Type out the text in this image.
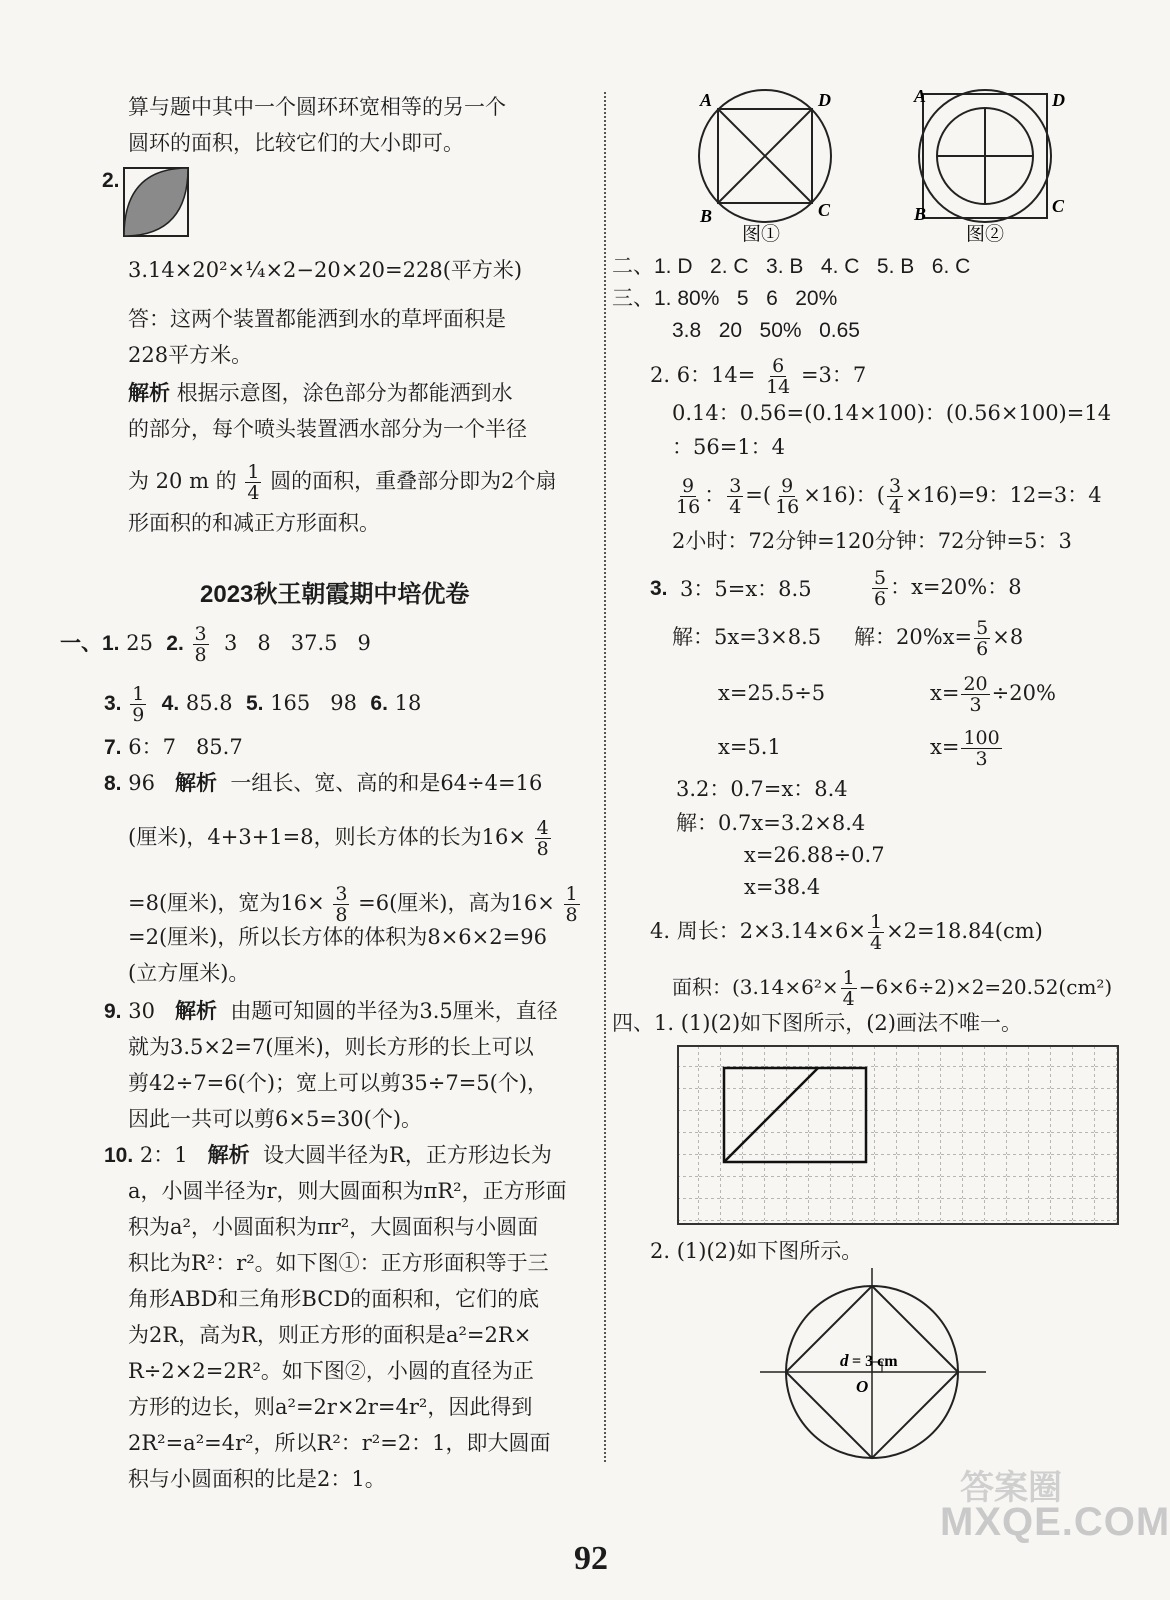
算与题中其中一个圆环环宽相等的另一个
圆环的面积，比较它们的大小即可。
2.
3.14×20²×¼×2−20×20=228(平方米)
答：这两个装置都能洒到水的草坪面积是
228平方米。
解析 根据示意图，涂色部分为都能洒到水
的部分，每个喷头装置洒水部分为一个半径
为 20 m 的 $\frac{1}{4}$ 圆的面积，重叠部分即为2个扇
形面积的和减正方形面积。
2023秋王朝霞期中培优卷
一、1. 25 2. $\frac{3}{8} 3$   8   37.5   9
3. $\frac{1}{9} 4$. 85.8 5. 165   98 6. 18
7. 6：7   85.7
8. 96 解析 一组长、宽、高的和是64÷4=16
(厘米)，4+3+1=8，则长方体的长为$16\times \frac{4}{8}$
=8(厘米)，宽为$16\times \frac{3}{8} =6$(厘米)，高为$16\times \frac{1}{8}$
=2(厘米)，所以长方体的体积为8×6×2=96
(立方厘米)。
9. 30 解析 由题可知圆的半径为3.5厘米，直径
就为3.5×2=7(厘米)，则长方形的长上可以
剪42÷7=6(个)；宽上可以剪35÷7=5(个)，
因此一共可以剪6×5=30(个)。
10. 2：1 解析 设大圆半径为R，正方形边长为
a，小圆半径为r，则大圆面积为πR²，正方形面
积为a²，小圆面积为πr²，大圆面积与小圆面
积比为R²：r²。如下图①：正方形面积等于三
角形ABD和三角形BCD的面积和，它们的底
为2R，高为R，则正方形的面积是a²=2R×
R÷2×2=2R²。如下图②，小圆的直径为正
方形的边长，则a²=2r×2r=4r²，因此得到
2R²=a²=4r²，所以R²：r²=2：1，即大圆面
积与小圆面积的比是2：1。
A	D
B	C
图①
A	D
B	C
图②
二、1. D   2. C   3. B   4. C   5. B   6. C
三、1. 80%   5   6   20%
3.8   20   50%   0.65
2. 6：$14= \frac{6}{14} =3$：7
0.14：0.56=(0.14×100)：(0.56×100)=14
：56=1：4
$\frac{9}{16}$ ： $\frac{3}{4}$ =( $\frac{9}{16} \times 16$)：( $\frac{3}{4} \times 16)=9$：12=3：4
2小时：72分钟=120分钟：72分钟=5：3
3. 3：5=x：8.5	$\frac{5}{6}$ ：x=20%：8
解：5x=3×8.5 解：$20\%x= \frac{5}{6} \times 8$
x=25.5÷5	$x= \frac{20}{3} \div 20\%$
x=5.1	$x= \frac{100}{3}$
3.2：0.7=x：8.4
解：0.7x=3.2×8.4
x=26.88÷0.7
x=38.4
4. 周长：$2\times 3.14\times 6\times \frac{1}{4} \times 2=18.84(cm)$
面积：$(3.14\times 6^2\times \frac{1}{4} -6\times 6\div 2)\times 2=20.52(cm^2)$
四、1. (1)(2)如下图所示，(2)画法不唯一。
2. (1)(2)如下图所示。
d = 3 cm
O
92
答案圈
MXQE.COM
